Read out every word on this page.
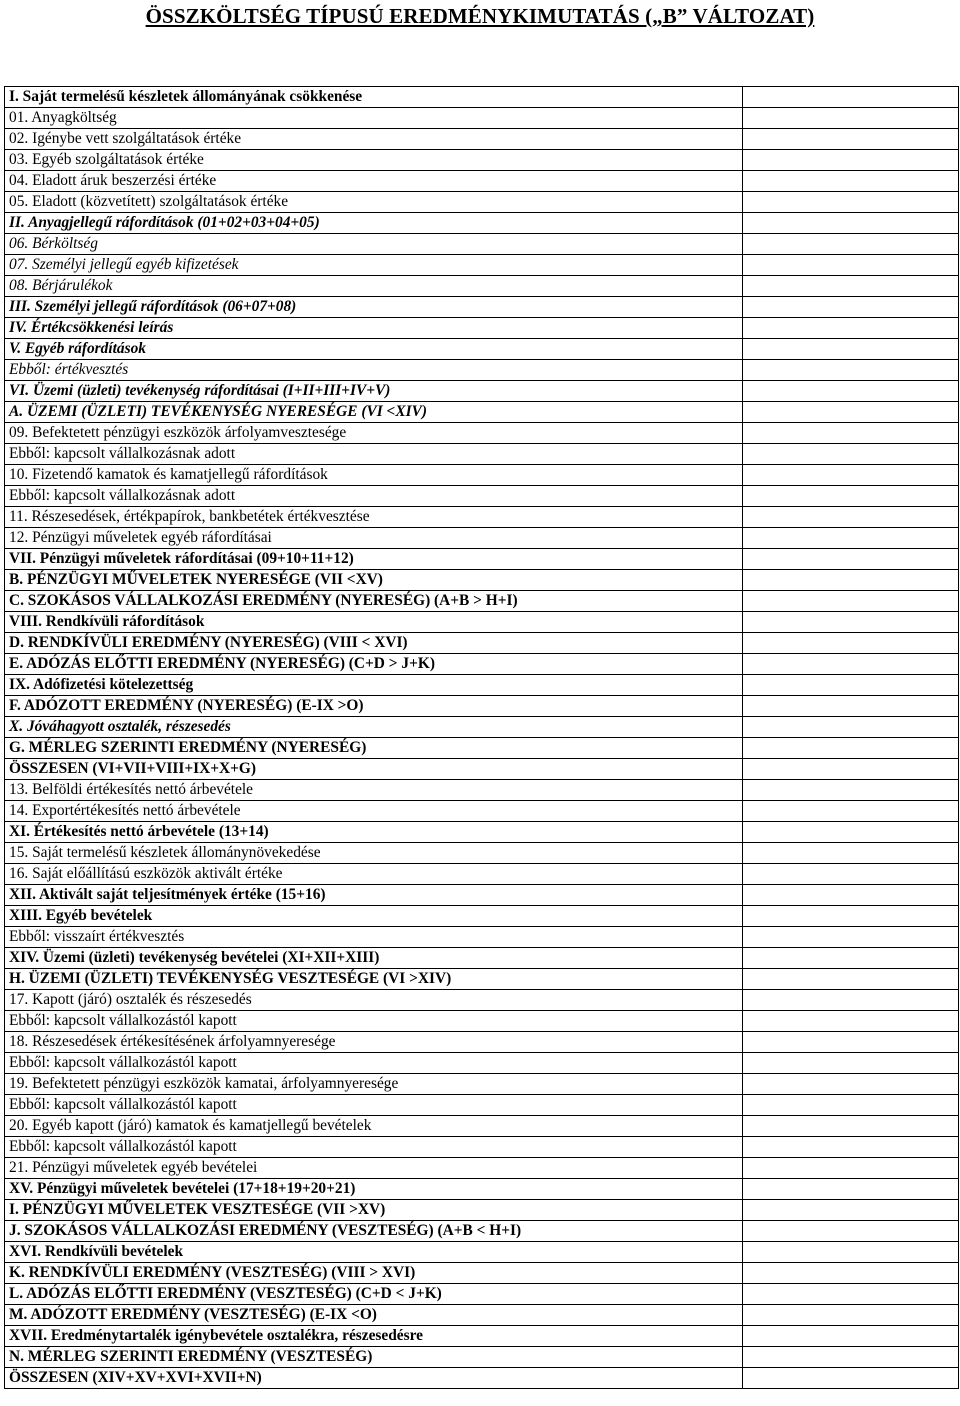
ÖSSZKÖLTSÉG TÍPUSÚ EREDMÉNYKIMUTATÁS („B” VÁLTOZAT)
I. Saját termelésű készletek állományának csökkenése	
01. Anyagköltség	
02. Igénybe vett szolgáltatások értéke	
03. Egyéb szolgáltatások értéke	
04. Eladott áruk beszerzési értéke	
05. Eladott (közvetített) szolgáltatások értéke	
II. Anyagjellegű ráfordítások (01+02+03+04+05)	
06. Bérköltség	
07. Személyi jellegű egyéb kifizetések	
08. Bérjárulékok	
III. Személyi jellegű ráfordítások (06+07+08)	
IV. Értékcsökkenési leírás	
V. Egyéb ráfordítások	
Ebből: értékvesztés	
VI. Üzemi (üzleti) tevékenység ráfordításai (I+II+III+IV+V)	
A. ÜZEMI (ÜZLETI) TEVÉKENYSÉG NYERESÉGE (VI <XIV)	
09. Befektetett pénzügyi eszközök árfolyamvesztesége	
Ebből: kapcsolt vállalkozásnak adott	
10. Fizetendő kamatok és kamatjellegű ráfordítások	
Ebből: kapcsolt vállalkozásnak adott	
11. Részesedések, értékpapírok, bankbetétek értékvesztése	
12. Pénzügyi műveletek egyéb ráfordításai	
VII. Pénzügyi műveletek ráfordításai (09+10+11+12)	
B. PÉNZÜGYI MŰVELETEK NYERESÉGE (VII <XV)	
C. SZOKÁSOS VÁLLALKOZÁSI EREDMÉNY (NYERESÉG) (A+B > H+I)	
VIII. Rendkívüli ráfordítások	
D. RENDKÍVÜLI EREDMÉNY (NYERESÉG) (VIII < XVI)	
E. ADÓZÁS ELŐTTI EREDMÉNY (NYERESÉG) (C+D > J+K)	
IX. Adófizetési kötelezettség	
F. ADÓZOTT EREDMÉNY (NYERESÉG) (E-IX >O)	
X. Jóváhagyott osztalék, részesedés	
G. MÉRLEG SZERINTI EREDMÉNY (NYERESÉG)	
ÖSSZESEN (VI+VII+VIII+IX+X+G)	
13. Belföldi értékesítés nettó árbevétele	
14. Exportértékesítés nettó árbevétele	
XI. Értékesítés nettó árbevétele (13+14)	
15. Saját termelésű készletek állománynövekedése	
16. Saját előállítású eszközök aktivált értéke	
XII. Aktivált saját teljesítmények értéke (15+16)	
XIII. Egyéb bevételek	
Ebből: visszaírt értékvesztés	
XIV. Üzemi (üzleti) tevékenység bevételei (XI+XII+XIII)	
H. ÜZEMI (ÜZLETI) TEVÉKENYSÉG VESZTESÉGE (VI >XIV)	
17. Kapott (járó) osztalék és részesedés	
Ebből: kapcsolt vállalkozástól kapott	
18. Részesedések értékesítésének árfolyamnyeresége	
Ebből: kapcsolt vállalkozástól kapott	
19. Befektetett pénzügyi eszközök kamatai, árfolyamnyeresége	
Ebből: kapcsolt vállalkozástól kapott	
20. Egyéb kapott (járó) kamatok és kamatjellegű bevételek	
Ebből: kapcsolt vállalkozástól kapott	
21. Pénzügyi műveletek egyéb bevételei	
XV. Pénzügyi műveletek bevételei (17+18+19+20+21)	
I. PÉNZÜGYI MŰVELETEK VESZTESÉGE (VII >XV)	
J. SZOKÁSOS VÁLLALKOZÁSI EREDMÉNY (VESZTESÉG) (A+B < H+I)	
XVI. Rendkívüli bevételek	
K. RENDKÍVÜLI EREDMÉNY (VESZTESÉG) (VIII > XVI)	
L. ADÓZÁS ELŐTTI EREDMÉNY (VESZTESÉG) (C+D < J+K)	
M. ADÓZOTT EREDMÉNY (VESZTESÉG) (E-IX <O)	
XVII. Eredménytartalék igénybevétele osztalékra, részesedésre	
N. MÉRLEG SZERINTI EREDMÉNY (VESZTESÉG)	
ÖSSZESEN (XIV+XV+XVI+XVII+N)	
